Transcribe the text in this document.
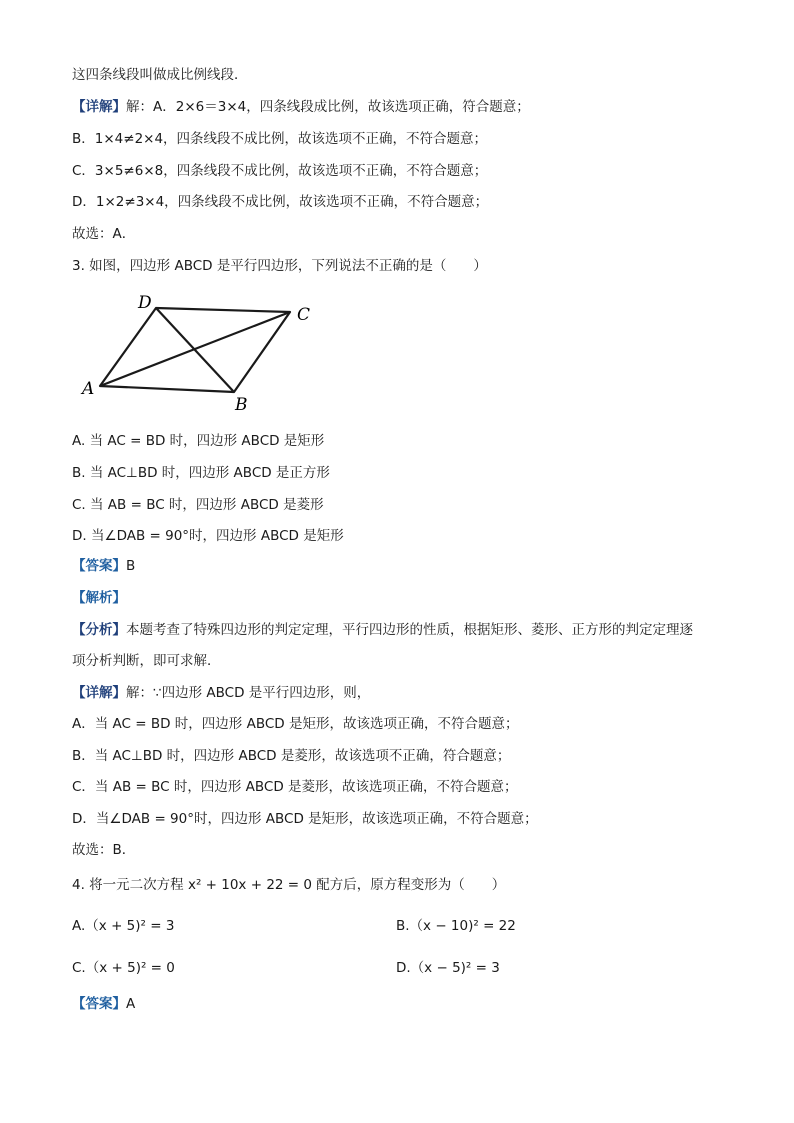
这四条线段叫做成比例线段．
【详解】解：A．2×6＝3×4，四条线段成比例，故该选项正确，符合题意；
B．1×4≠2×4，四条线段不成比例，故该选项不正确，不符合题意；
C．3×5≠6×8，四条线段不成比例，故该选项不正确，不符合题意；
D．1×2≠3×4，四条线段不成比例，故该选项不正确，不符合题意；
故选：A．
3. 如图，四边形 ABCD 是平行四边形，下列说法不正确的是（　　）
A
B
C
D
A. 当 AC = BD 时，四边形 ABCD 是矩形
B. 当 AC⊥BD 时，四边形 ABCD 是正方形
C. 当 AB = BC 时，四边形 ABCD 是菱形
D. 当∠DAB = 90°时，四边形 ABCD 是矩形
【答案】B
【解析】
【分析】本题考查了特殊四边形的判定定理，平行四边形的性质，根据矩形、菱形、正方形的判定定理逐
项分析判断，即可求解．
【详解】解：∵四边形 ABCD 是平行四边形，则，
A．当 AC = BD 时，四边形 ABCD 是矩形，故该选项正确，不符合题意；
B．当 AC⊥BD 时，四边形 ABCD 是菱形，故该选项不正确，符合题意；
C．当 AB = BC 时，四边形 ABCD 是菱形，故该选项正确，不符合题意；
D．当∠DAB = 90°时，四边形 ABCD 是矩形，故该选项正确，不符合题意；
故选：B．
4. 将一元二次方程 x² + 10x + 22 = 0 配方后，原方程变形为（　　）
A.（x + 5)² = 3	B.（x − 10)² = 22
C.（x + 5)² = 0	D.（x − 5)² = 3
【答案】A
